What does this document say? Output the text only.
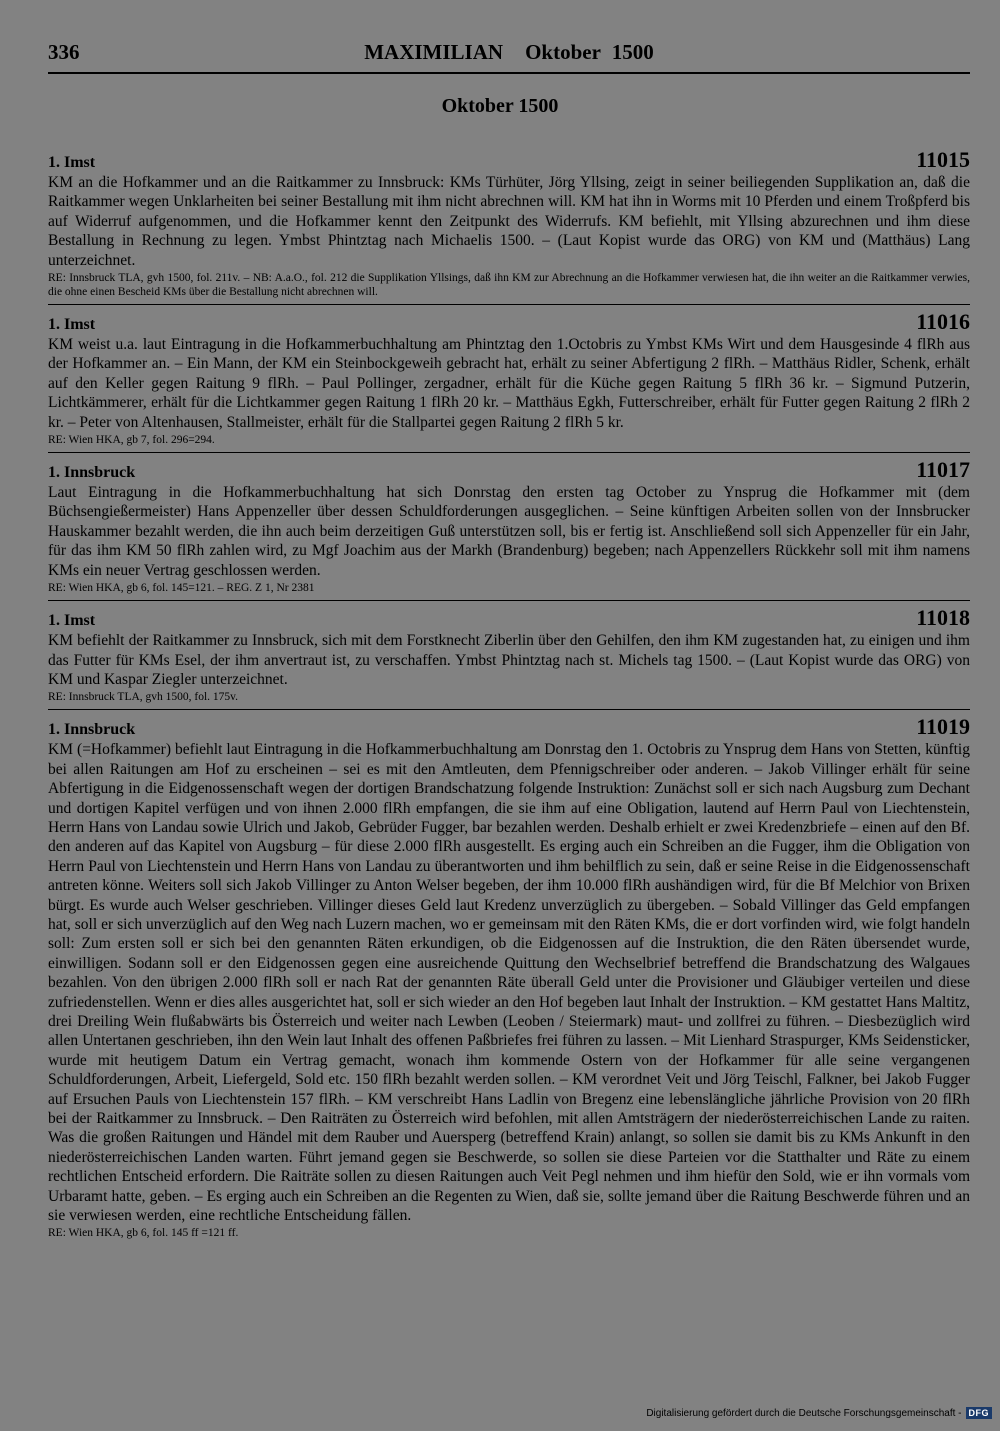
336	MAXIMILIAN Oktober 1500
Oktober 1500
1. Imst	11015

KM an die Hofkammer und an die Raitkammer zu Innsbruck: KMs Türhüter, Jörg Yllsing, zeigt in seiner beiliegenden Supplikation an, daß die Raitkammer wegen Unklarheiten bei seiner Bestallung mit ihm nicht abrechnen will. KM hat ihn in Worms mit 10 Pferden und einem Troßpferd bis auf Widerruf aufgenommen, und die Hofkammer kennt den Zeitpunkt des Widerrufs. KM befiehlt, mit Yllsing abzurechnen und ihm diese Bestallung in Rechnung zu legen. Ymbst Phintztag nach Michaelis 1500. – (Laut Kopist wurde das ORG) von KM und (Matthäus) Lang unterzeichnet.

RE: Innsbruck TLA, gvh 1500, fol. 211v. – NB: A.a.O., fol. 212 die Supplikation Yllsings, daß ihn KM zur Abrechnung an die Hofkammer verwiesen hat, die ihn weiter an die Raitkammer verwies, die ohne einen Bescheid KMs über die Bestallung nicht abrechnen will.

1. Imst	11016

KM weist u.a. laut Eintragung in die Hofkammerbuchhaltung am Phintztag den 1.Octobris zu Ymbst KMs Wirt und dem Hausgesinde 4 flRh aus der Hofkammer an. – Ein Mann, der KM ein Steinbockgeweih gebracht hat, erhält zu seiner Abfertigung 2 flRh. – Matthäus Ridler, Schenk, erhält auf den Keller gegen Raitung 9 flRh. – Paul Pollinger, zergadner, erhält für die Küche gegen Raitung 5 flRh 36 kr. – Sigmund Putzerin, Lichtkämmerer, erhält für die Lichtkammer gegen Raitung 1 flRh 20 kr. – Matthäus Egkh, Futterschreiber, erhält für Futter gegen Raitung 2 flRh 2 kr. – Peter von Altenhausen, Stallmeister, erhält für die Stallpartei gegen Raitung 2 flRh 5 kr.

RE: Wien HKA, gb 7, fol. 296=294.

1. Innsbruck	11017

Laut Eintragung in die Hofkammerbuchhaltung hat sich Donrstag den ersten tag October zu Ynsprug die Hofkammer mit (dem Büchsengießermeister) Hans Appenzeller über dessen Schuldforderungen ausgeglichen. – Seine künftigen Arbeiten sollen von der Innsbrucker Hauskammer bezahlt werden, die ihn auch beim derzeitigen Guß unterstützen soll, bis er fertig ist. Anschließend soll sich Appenzeller für ein Jahr, für das ihm KM 50 flRh zahlen wird, zu Mgf Joachim aus der Markh (Brandenburg) begeben; nach Appenzellers Rückkehr soll mit ihm namens KMs ein neuer Vertrag geschlossen werden.

RE: Wien HKA, gb 6, fol. 145=121. – REG. Z 1, Nr 2381

1. Imst	11018

KM befiehlt der Raitkammer zu Innsbruck, sich mit dem Forstknecht Ziberlin über den Gehilfen, den ihm KM zugestanden hat, zu einigen und ihm das Futter für KMs Esel, der ihm anvertraut ist, zu verschaffen. Ymbst Phintztag nach st. Michels tag 1500. – (Laut Kopist wurde das ORG) von KM und Kaspar Ziegler unterzeichnet.

RE: Innsbruck TLA, gvh 1500, fol. 175v.

1. Innsbruck	11019

KM (=Hofkammer) befiehlt laut Eintragung in die Hofkammerbuchhaltung am Donrstag den 1. Octobris zu Ynsprug dem Hans von Stetten, künftig bei allen Raitungen am Hof zu erscheinen – sei es mit den Amtleuten, dem Pfennigschreiber oder anderen. – Jakob Villinger erhält für seine Abfertigung in die Eidgenossenschaft wegen der dortigen Brandschatzung folgende Instruktion: Zunächst soll er sich nach Augsburg zum Dechant und dortigen Kapitel verfügen und von ihnen 2.000 flRh empfangen, die sie ihm auf eine Obligation, lautend auf Herrn Paul von Liechtenstein, Herrn Hans von Landau sowie Ulrich und Jakob, Gebrüder Fugger, bar bezahlen werden. Deshalb erhielt er zwei Kredenzbriefe – einen auf den Bf. den anderen auf das Kapitel von Augsburg – für diese 2.000 flRh ausgestellt. Es erging auch ein Schreiben an die Fugger, ihm die Obligation von Herrn Paul von Liechtenstein und Herrn Hans von Landau zu überantworten und ihm behilflich zu sein, daß er seine Reise in die Eidgenossenschaft antreten könne. Weiters soll sich Jakob Villinger zu Anton Welser begeben, der ihm 10.000 flRh aushändigen wird, für die Bf Melchior von Brixen bürgt. Es wurde auch Welser geschrieben. Villinger dieses Geld laut Kredenz unverzüglich zu übergeben. – Sobald Villinger das Geld empfangen hat, soll er sich unverzüglich auf den Weg nach Luzern machen, wo er gemeinsam mit den Räten KMs, die er dort vorfinden wird, wie folgt handeln soll: Zum ersten soll er sich bei den genannten Räten erkundigen, ob die Eidgenossen auf die Instruktion, die den Räten übersendet wurde, einwilligen. Sodann soll er den Eidgenossen gegen eine ausreichende Quittung den Wechselbrief betreffend die Brandschatzung des Walgaues bezahlen. Von den übrigen 2.000 flRh soll er nach Rat der genannten Räte überall Geld unter die Provisioner und Gläubiger verteilen und diese zufriedenstellen. Wenn er dies alles ausgerichtet hat, soll er sich wieder an den Hof begeben laut Inhalt der Instruktion. – KM gestattet Hans Maltitz, drei Dreiling Wein flußabwärts bis Österreich und weiter nach Lewben (Leoben / Steiermark) maut- und zollfrei zu führen. – Diesbezüglich wird allen Untertanen geschrieben, ihn den Wein laut Inhalt des offenen Paßbriefes frei führen zu lassen. – Mit Lienhard Straspurger, KMs Seidensticker, wurde mit heutigem Datum ein Vertrag gemacht, wonach ihm kommende Ostern von der Hofkammer für alle seine vergangenen Schuldforderungen, Arbeit, Liefergeld, Sold etc. 150 flRh bezahlt werden sollen. – KM verordnet Veit und Jörg Teischl, Falkner, bei Jakob Fugger auf Ersuchen Pauls von Liechtenstein 157 flRh. – KM verschreibt Hans Ladlin von Bregenz eine lebenslängliche jährliche Provision von 20 flRh bei der Raitkammer zu Innsbruck. – Den Raiträten zu Österreich wird befohlen, mit allen Amtsträgern der niederösterreichischen Lande zu raiten. Was die großen Raitungen und Händel mit dem Rauber und Auersperg (betreffend Krain) anlangt, so sollen sie damit bis zu KMs Ankunft in den niederösterreichischen Landen warten. Führt jemand gegen sie Beschwerde, so sollen sie diese Parteien vor die Statthalter und Räte zu einem rechtlichen Entscheid erfordern. Die Raiträte sollen zu diesen Raitungen auch Veit Pegl nehmen und ihm hiefür den Sold, wie er ihn vormals vom Urbaramt hatte, geben. – Es erging auch ein Schreiben an die Regenten zu Wien, daß sie, sollte jemand über die Raitung Beschwerde führen und an sie verwiesen werden, eine rechtliche Entscheidung fällen.

RE: Wien HKA, gb 6, fol. 145 ff =121 ff.

Digitalisierung gefördert durch die Deutsche Forschungsgemeinschaft - DFG
